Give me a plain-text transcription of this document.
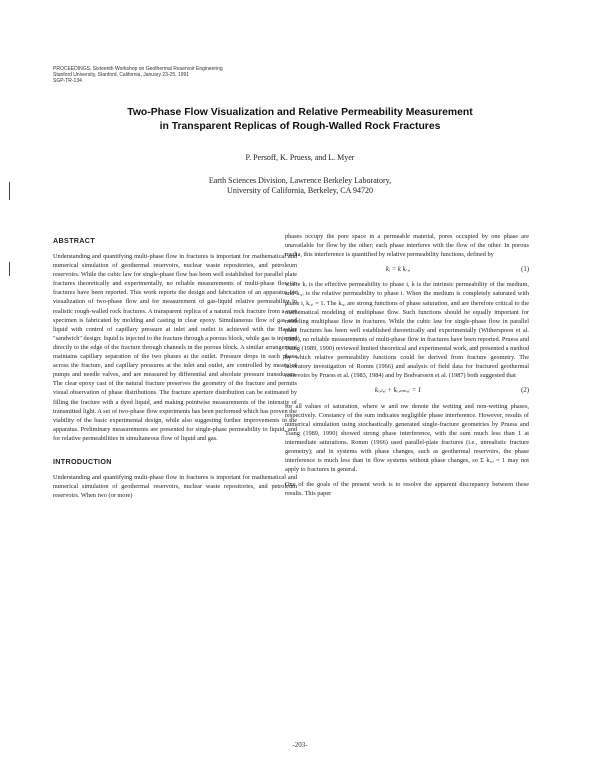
PROCEEDINGS, Sixteenth Workshop on Geothermal Reservoir Engineering
Stanford University, Stanford, California, January 23-25, 1991
SGP-TR-134
Two-Phase Flow Visualization and Relative Permeability Measurement
in Transparent Replicas of Rough-Walled Rock Fractures
P. Persoff, K. Pruess, and L. Myer
Earth Sciences Division, Lawrence Berkeley Laboratory,
University of California, Berkeley, CA 94720
ABSTRACT

Understanding and quantifying multi-phase flow in fractures is important for mathematical and numerical simulation of geothermal reservoirs, nuclear waste repositories, and petroleum reservoirs. While the cubic law for single-phase flow has been well established for parallel plate fractures theoretically and experimentally, no reliable measurements of multi-phase flow in fractures have been reported. This work reports the design and fabrication of an apparatus for visualization of two-phase flow and for measurement of gas-liquid relative permeability in realistic rough-walled rock fractures. A transparent replica of a natural rock fracture from a core specimen is fabricated by molding and casting in clear epoxy. Simultaneous flow of gas and liquid with control of capillary pressure at inlet and outlet is achieved with the Hassler "sandwich" design: liquid is injected to the fracture through a porous block, while gas is injected directly to the edge of the fracture through channels in the porous block. A similar arrangement maintains capillary separation of the two phases at the outlet. Pressure drops in each phase across the fracture, and capillary pressures at the inlet and outlet, are controlled by means of pumps and needle valves, and are measured by differential and absolute pressure transducers. The clear epoxy cast of the natural fracture preserves the geometry of the fracture and permits visual observation of phase distributions. The fracture aperture distribution can be estimated by filling the fracture with a dyed liquid, and making pointwise measurements of the intensity of transmitted light. A set of two-phase flow experiments has been performed which has proven the viability of the basic experimental design, while also suggesting further improvements in the apparatus. Preliminary measurements are presented for single-phase permeability to liquid, and for relative permeabilities in simultaneous flow of liquid and gas.

INTRODUCTION

Understanding and quantifying multi-phase flow in fractures is important for mathematical and numerical simulation of geothermal reservoirs, nuclear waste repositories, and petroleum reservoirs. When two (or more)

phases occupy the pore space in a permeable material, pores occupied by one phase are unavailable for flow by the other; each phase interferes with the flow of the other. In porous media, this interference is quantified by relative permeability functions, defined by

kᵢ = k kᵣ,ᵢ	(1)

where kᵢ is the effective permeability to phase i, k is the intrinsic permeability of the medium, and kᵣ,ᵢ is the relative permeability to phase i. When the medium is completely saturated with phase i, kᵣ,ᵢ = 1. The kᵣ,ᵢ are strong functions of phase saturation, and are therefore critical to the mathematical modeling of multiphase flow. Such functions should be equally important for modeling multiphase flow in fractures. While the cubic law for single-phase flow in parallel plate fractures has been well established theoretically and experimentally (Witherspoon et al. 1980), no reliable measurements of multi-phase flow in fractures have been reported. Pruess and Tsang (1989, 1990) reviewed limited theoretical and experimental work, and presented a method by which relative permeability functions could be derived from fracture geometry. The laboratory investigation of Romm (1966) and analysis of field data for fractured geothermal reservoirs by Pruess et al. (1983, 1984) and by Bodvarsson et al. (1987) both suggested that

kᵣ,ₗ,ᵢ + kᵣ,ₙₘ,ᵢ = 1	(2)

for all values of saturation, where w and nw denote the wetting and non-wetting phases, respectively. Constancy of the sum indicates negligible phase interference. However, results of numerical simulation using stochastically generated single-fracture geometries by Pruess and Tsang (1989, 1990) showed strong phase interference, with the sum much less than 1 at intermediate saturations. Romm (1966) used parallel-plate fractures (i.e., unrealistic fracture geometry); and in systems with phase changes, such as geothermal reservoirs, the phase interference is much less than in flow systems without phase changes, so Σ kᵣ,ᵢ = 1 may not apply to fractures in general.

One of the goals of the present work is to resolve the apparent discrepancy between these results. This paper

-203-
